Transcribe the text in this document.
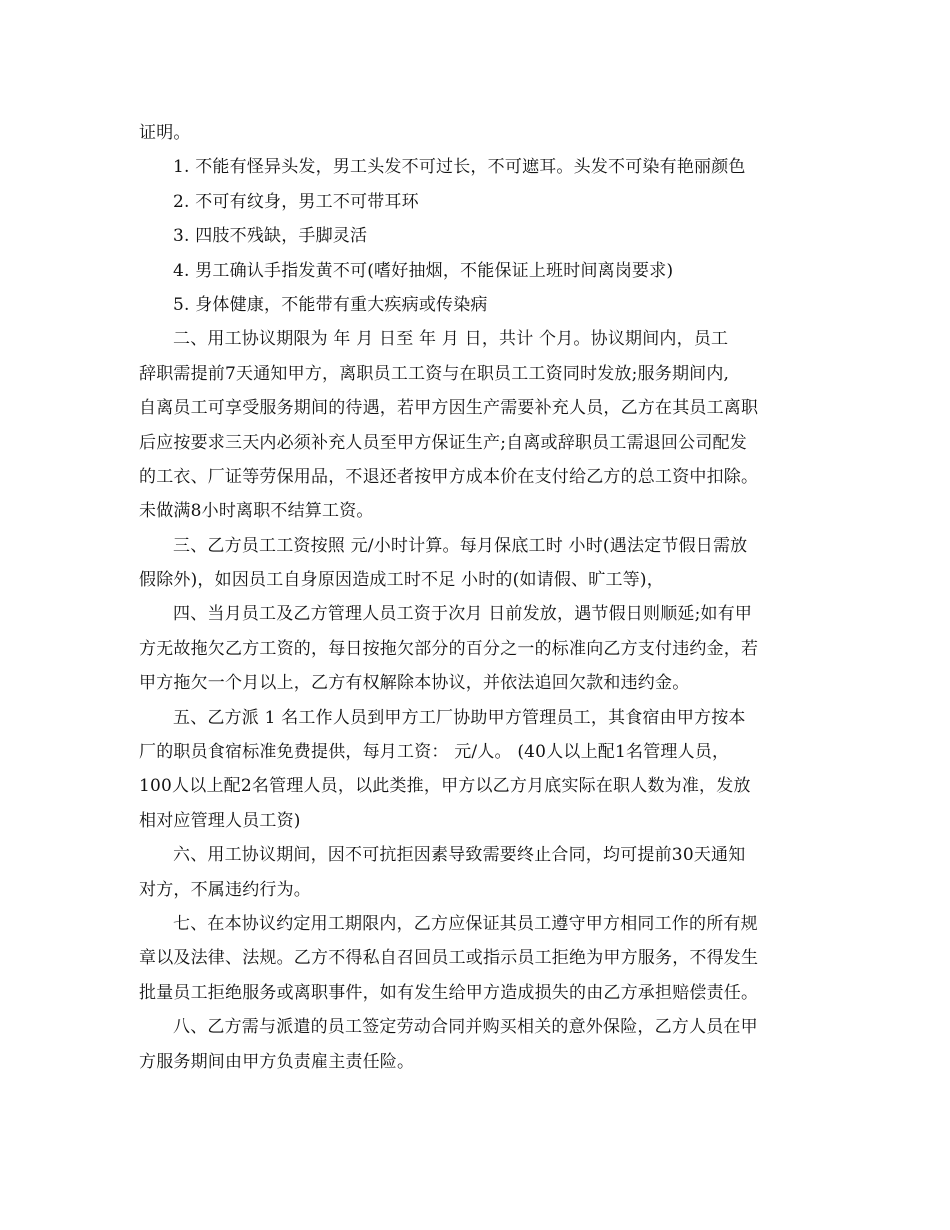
证明。
1. 不能有怪异头发，男工头发不可过长，不可遮耳。头发不可染有艳丽颜色
2. 不可有纹身，男工不可带耳环
3. 四肢不残缺，手脚灵活
4. 男工确认手指发黄不可(嗜好抽烟，不能保证上班时间离岗要求)
5. 身体健康，不能带有重大疾病或传染病
二、用工协议期限为 年 月 日至 年 月 日，共计 个月。协议期间内，员工
辞职需提前7天通知甲方，离职员工工资与在职员工工资同时发放;服务期间内,
自离员工可享受服务期间的待遇，若甲方因生产需要补充人员，乙方在其员工离职
后应按要求三天内必须补充人员至甲方保证生产;自离或辞职员工需退回公司配发
的工衣、厂证等劳保用品，不退还者按甲方成本价在支付给乙方的总工资中扣除。
未做满8小时离职不结算工资。
三、乙方员工工资按照 元/小时计算。每月保底工时 小时(遇法定节假日需放
假除外)，如因员工自身原因造成工时不足 小时的(如请假、旷工等)，
四、当月员工及乙方管理人员工资于次月 日前发放，遇节假日则顺延;如有甲
方无故拖欠乙方工资的，每日按拖欠部分的百分之一的标准向乙方支付违约金，若
甲方拖欠一个月以上，乙方有权解除本协议，并依法追回欠款和违约金。
五、乙方派 1 名工作人员到甲方工厂协助甲方管理员工，其食宿由甲方按本
厂的职员食宿标准免费提供，每月工资： 元/人。 (40人以上配1名管理人员，
100人以上配2名管理人员，以此类推，甲方以乙方月底实际在职人数为准，发放
相对应管理人员工资)
六、用工协议期间，因不可抗拒因素导致需要终止合同，均可提前30天通知
对方，不属违约行为。
七、在本协议约定用工期限内，乙方应保证其员工遵守甲方相同工作的所有规
章以及法律、法规。乙方不得私自召回员工或指示员工拒绝为甲方服务，不得发生
批量员工拒绝服务或离职事件，如有发生给甲方造成损失的由乙方承担赔偿责任。
八、乙方需与派遣的员工签定劳动合同并购买相关的意外保险，乙方人员在甲
方服务期间由甲方负责雇主责任险。
